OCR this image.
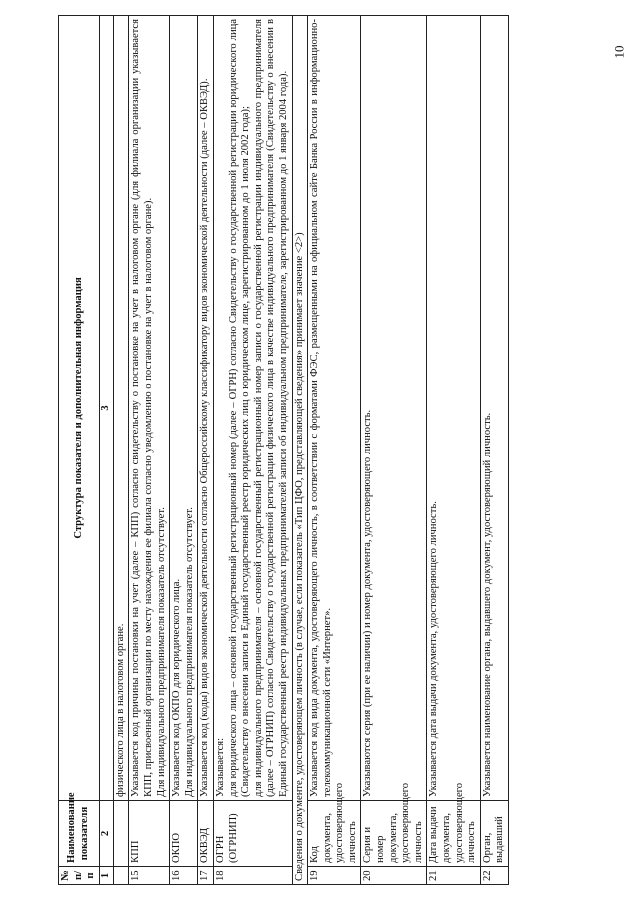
10
№ п/п	Наименование показателя	Структура показателя и дополнительная информация
1	2	3
		физического лица в налоговом органе.
15	КПП	Указывается код причины постановки на учет (далее – КПП) согласно свидетельству о постановке на учет в налоговом органе (для филиала организации указывается КПП, присвоенный организации по месту нахождения ее филиала согласно уведомлению о постановке на учет в налоговом органе). Для индивидуального предпринимателя показатель отсутствует.

16	ОКПО	Указывается код ОКПО для юридического лица. Для индивидуального предпринимателя показатель отсутствует.

17	ОКВЭД	Указывается код (коды) видов экономической деятельности согласно Общероссийскому классификатору видов экономической деятельности (далее – ОКВЭД).

18	ОГРН (ОГРНИП)	Указывается: для юридического лица – основной государственный регистрационный номер (далее – ОГРН) согласно Свидетельству о государственной регистрации юридического лица (Свидетельству о внесении записи в Единый государственный реестр юридических лиц о юридическом лице, зарегистрированном до 1 июля 2002 года); для индивидуального предпринимателя – основной государственный регистрационный номер записи о государственной регистрации индивидуального предпринимателя (далее – ОГРНИП) согласно Свидетельству о государственной регистрации физического лица в качестве индивидуального предпринимателя (Свидетельству о внесении в Единый государственный реестр индивидуальных предпринимателей записи об индивидуальном предпринимателе, зарегистрированном до 1 января 2004 года).

Сведения о документе, удостоверяющем личность (в случае, если показатель «Тип ЦФО, представляющей сведения» принимает значение <2>)		
19	Код документа, удостоверяющего личность	Указывается код вида документа, удостоверяющего личность, в соответствии с форматами ФЭС, размещенными на официальном сайте Банка России в информационно-телекоммуникационной сети «Интернет».

20	Серия и номер документа, удостоверяющего личность	Указываются серия (при ее наличии) и номер документа, удостоверяющего личность.

21	Дата выдачи документа, удостоверяющего личность	Указывается дата выдачи документа, удостоверяющего личность.

22	Орган, выдавший	Указывается наименование органа, выдавшего документ, удостоверяющий личность.
